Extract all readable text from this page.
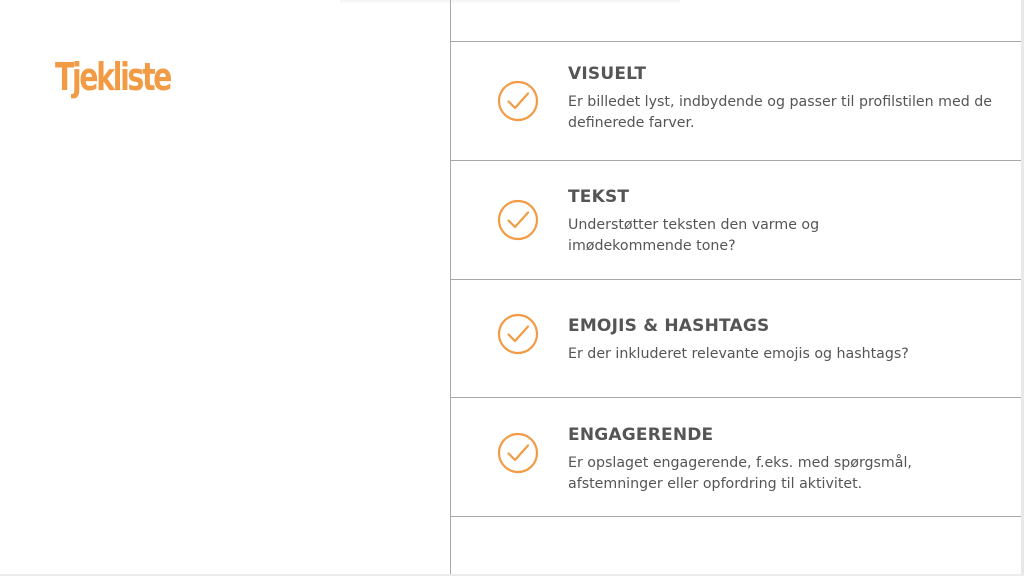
Tjekliste	VISUELT
Er billedet lyst, indbydende og passer til profilstilen med de definerede farver.
TEKST
Understøtter teksten den varme og imødekommende tone?
EMOJIS & HASHTAGS
Er der inkluderet relevante emojis og hashtags?
ENGAGERENDE
Er opslaget engagerende, f.eks. med spørgsmål, afstemninger eller opfordring til aktivitet.
